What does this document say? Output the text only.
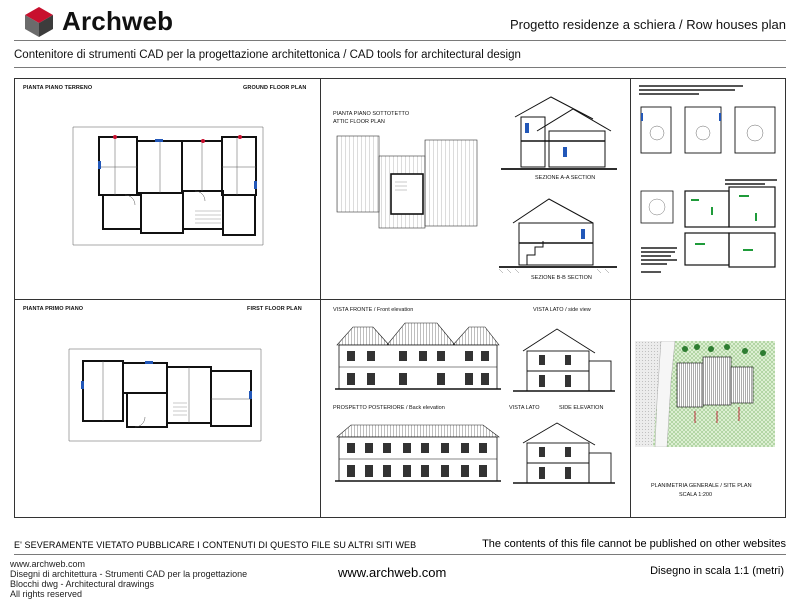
Archweb	Progetto residenze a schiera / Row houses plan
Contenitore di strumenti CAD per la progettazione architettonica / CAD tools for architectural design
PIANTA PIANO TERRENO	GROUND FLOOR PLAN
PIANTA PRIMO PIANO	FIRST FLOOR PLAN
PIANTA PIANO SOTTOTETTO
ATTIC FLOOR PLAN
SEZIONE A-A SECTION
SEZIONE B-B SECTION
VISTA FRONTE / Front elevation
PROSPETTO POSTERIORE / Back elevation
VISTA LATO / side view
VISTA LATO	SIDE ELEVATION
PLANIMETRIA GENERALE / SITE PLAN
SCALA 1:200
E' SEVERAMENTE VIETATO PUBBLICARE I CONTENUTI DI QUESTO FILE SU ALTRI SITI WEB	The contents of this file cannot be published on other websites
www.archweb.com
Disegni di architettura - Strumenti CAD per la progettazione
Blocchi dwg - Architectural drawings
All rights reserved
www.archweb.com	Disegno in scala 1:1 (metri)
